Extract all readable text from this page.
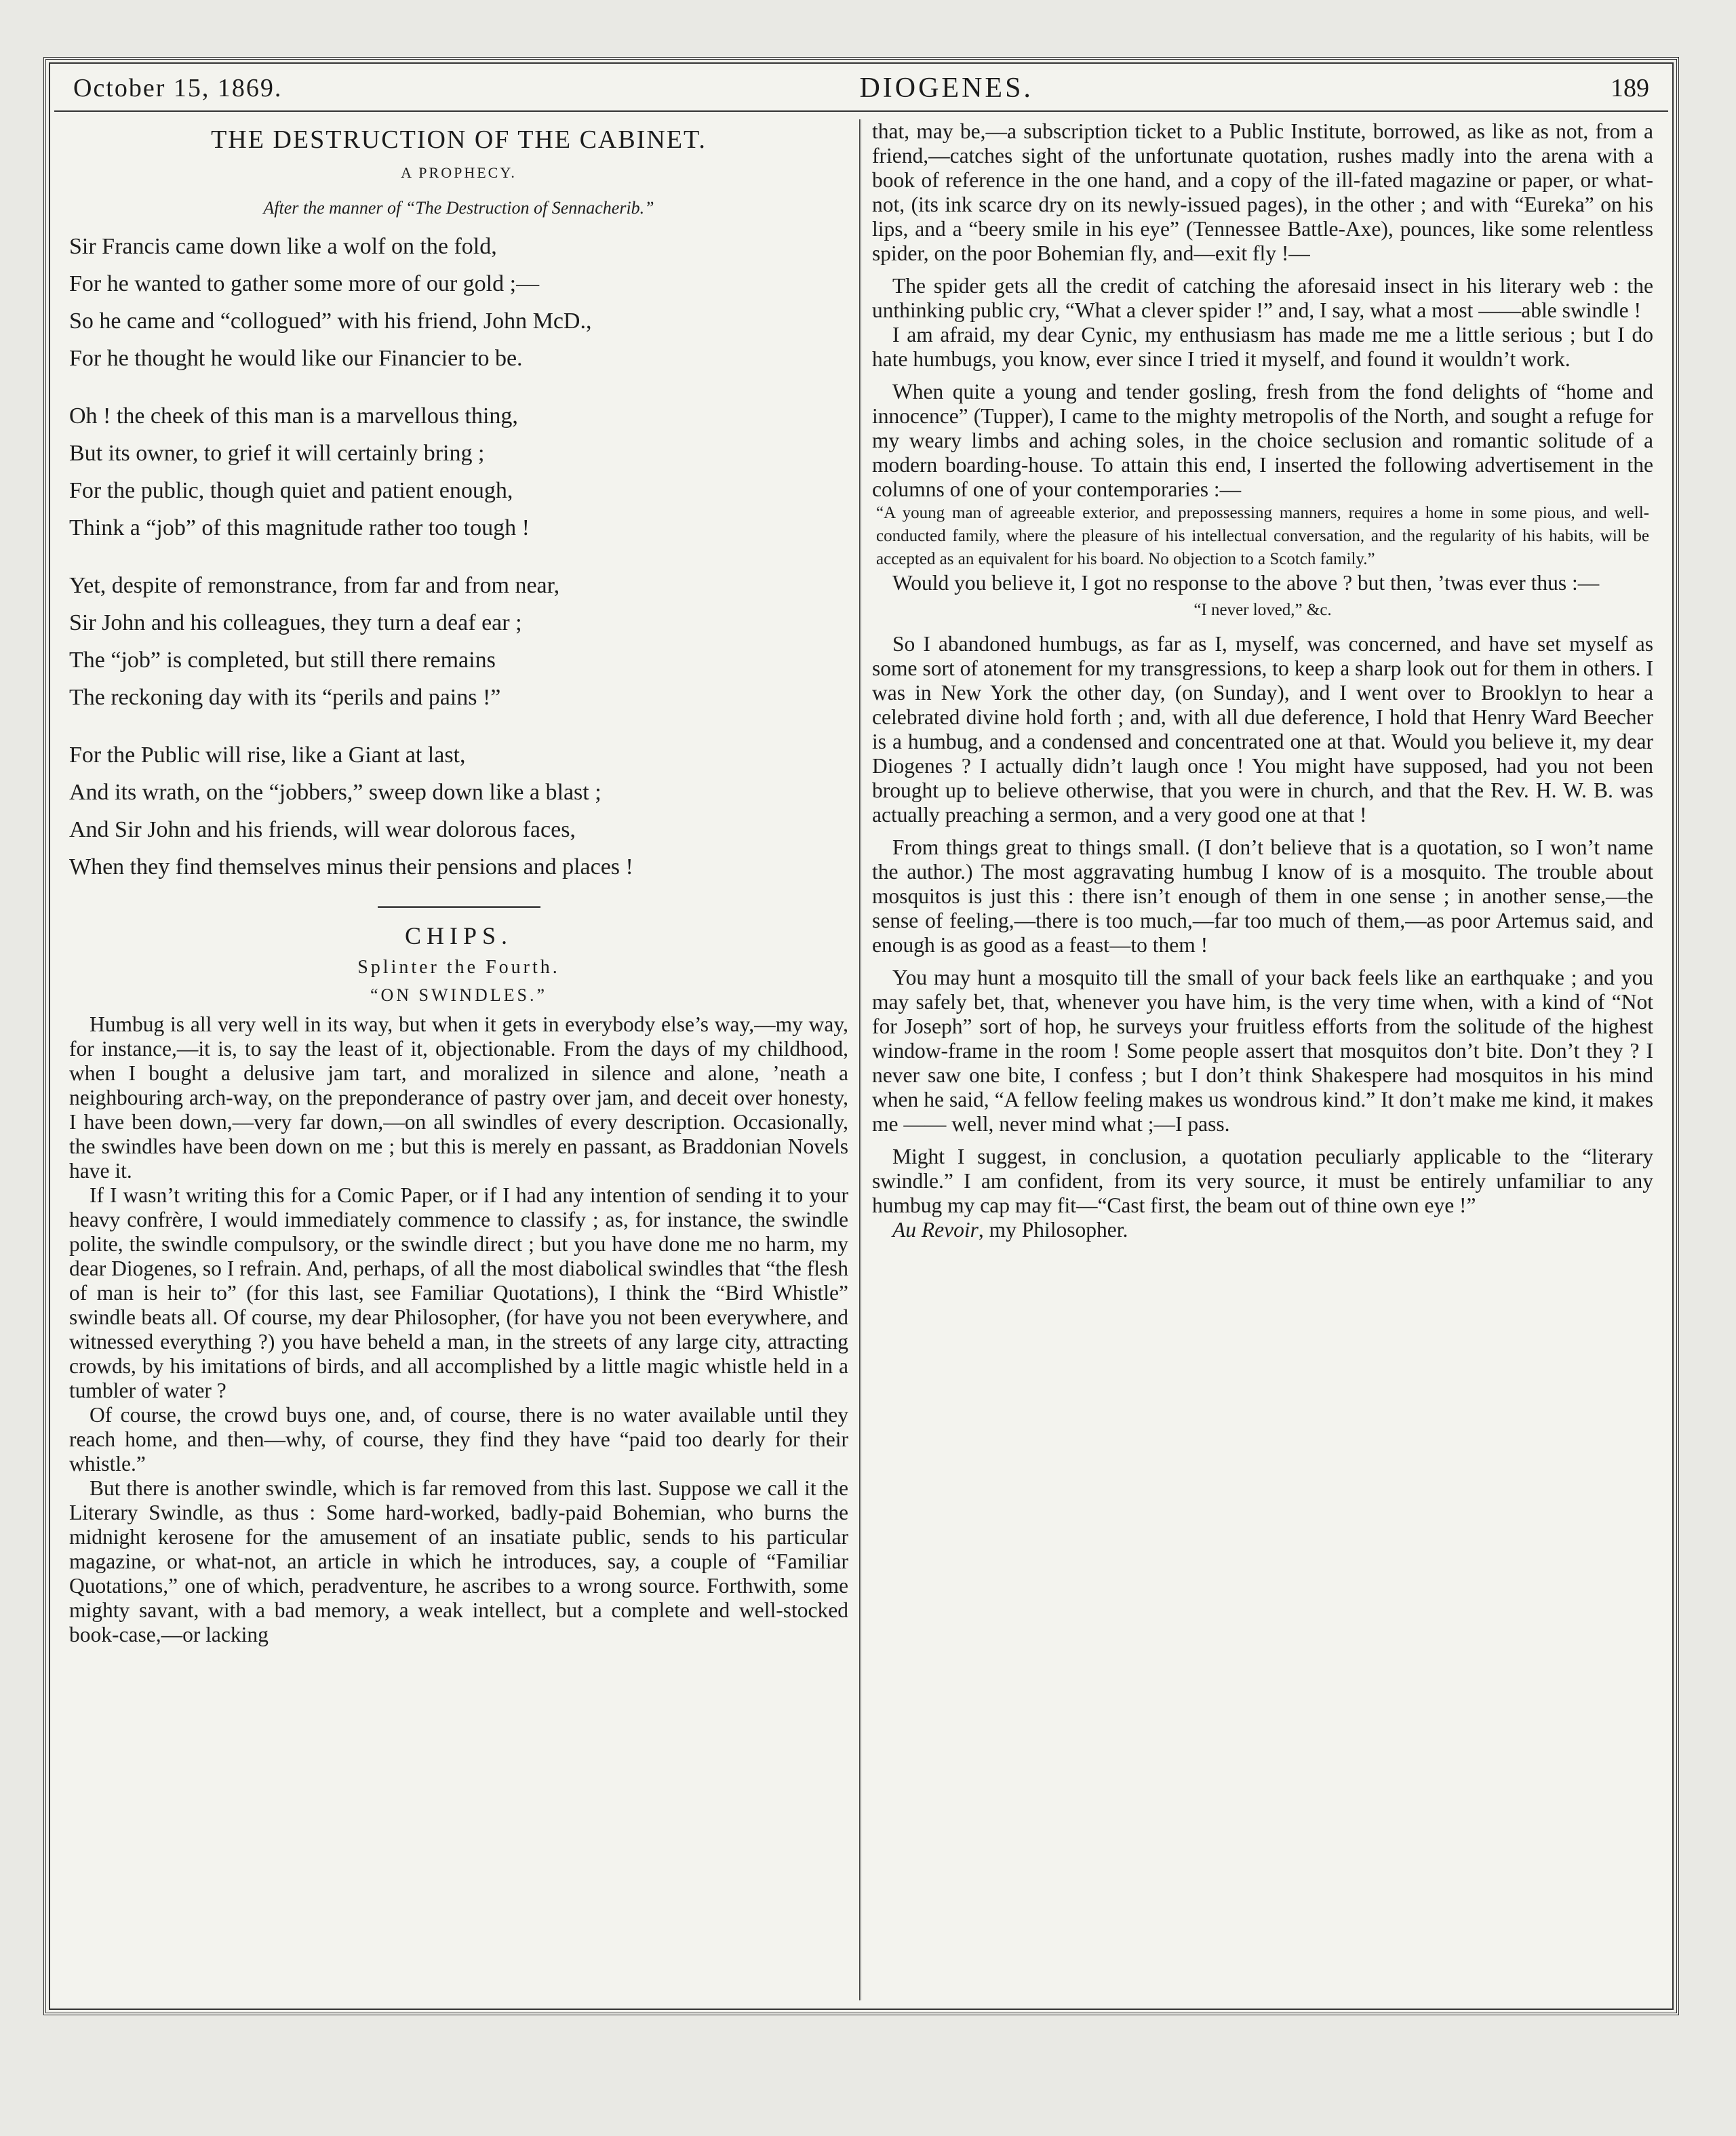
October 15, 1869.	DIOGENES.	189
THE DESTRUCTION OF THE CABINET.
A PROPHECY.
After the manner of “The Destruction of Sennacherib.”
Sir Francis came down like a wolf on the fold,
For he wanted to gather some more of our gold ;—
So he came and “collogued” with his friend, John McD.,
For he thought he would like our Financier to be.
Oh ! the cheek of this man is a marvellous thing,
But its owner, to grief it will certainly bring ;
For the public, though quiet and patient enough,
Think a “job” of this magnitude rather too tough !
Yet, despite of remonstrance, from far and from near,
Sir John and his colleagues, they turn a deaf ear ;
The “job” is completed, but still there remains
The reckoning day with its “perils and pains !”
For the Public will rise, like a Giant at last,
And its wrath, on the “jobbers,” sweep down like a blast ;
And Sir John and his friends, will wear dolorous faces,
When they find themselves minus their pensions and places !
CHIPS.
Splinter the Fourth.
“ON SWINDLES.”

Humbug is all very well in its way, but when it gets in everybody else’s way,—my way, for instance,—it is, to say the least of it, objectionable. From the days of my childhood, when I bought a delusive jam tart, and moralized in silence and alone, ’neath a neighbouring arch-way, on the preponderance of pastry over jam, and deceit over honesty, I have been down,—very far down,—on all swindles of every description. Occasionally, the swindles have been down on me ; but this is merely en passant, as Braddonian Novels have it.

If I wasn’t writing this for a Comic Paper, or if I had any intention of sending it to your heavy confrère, I would immediately commence to classify ; as, for instance, the swindle polite, the swindle compulsory, or the swindle direct ; but you have done me no harm, my dear Diogenes, so I refrain. And, perhaps, of all the most diabolical swindles that “the flesh of man is heir to” (for this last, see Familiar Quotations), I think the “Bird Whistle” swindle beats all. Of course, my dear Philosopher, (for have you not been everywhere, and witnessed everything ?) you have beheld a man, in the streets of any large city, attracting crowds, by his imitations of birds, and all accomplished by a little magic whistle held in a tumbler of water ?

Of course, the crowd buys one, and, of course, there is no water available until they reach home, and then—why, of course, they find they have “paid too dearly for their whistle.”

But there is another swindle, which is far removed from this last. Suppose we call it the Literary Swindle, as thus : Some hard-worked, badly-paid Bohemian, who burns the midnight kerosene for the amusement of an insatiate public, sends to his particular magazine, or what-not, an article in which he introduces, say, a couple of “Familiar Quotations,” one of which, peradventure, he ascribes to a wrong source. Forthwith, some mighty savant, with a bad memory, a weak intellect, but a complete and well-stocked book-case,—or lacking

that, may be,—a subscription ticket to a Public Institute, borrowed, as like as not, from a friend,—catches sight of the unfortunate quotation, rushes madly into the arena with a book of reference in the one hand, and a copy of the ill-fated magazine or paper, or what-not, (its ink scarce dry on its newly-issued pages), in the other ; and with “Eureka” on his lips, and a “beery smile in his eye” (Tennessee Battle-Axe), pounces, like some relentless spider, on the poor Bohemian fly, and—exit fly !—

The spider gets all the credit of catching the aforesaid insect in his literary web : the unthinking public cry, “What a clever spider !” and, I say, what a most ——able swindle !

I am afraid, my dear Cynic, my enthusiasm has made me me a little serious ; but I do hate humbugs, you know, ever since I tried it myself, and found it wouldn’t work.

When quite a young and tender gosling, fresh from the fond delights of “home and innocence” (Tupper), I came to the mighty metropolis of the North, and sought a refuge for my weary limbs and aching soles, in the choice seclusion and romantic solitude of a modern boarding-house. To attain this end, I inserted the following advertisement in the columns of one of your contemporaries :—

“A young man of agreeable exterior, and prepossessing manners, requires a home in some pious, and well-conducted family, where the pleasure of his intellectual conversation, and the regularity of his habits, will be accepted as an equivalent for his board. No objection to a Scotch family.”

Would you believe it, I got no response to the above ? but then, ’twas ever thus :—

“I never loved,” &c.

So I abandoned humbugs, as far as I, myself, was concerned, and have set myself as some sort of atonement for my transgressions, to keep a sharp look out for them in others. I was in New York the other day, (on Sunday), and I went over to Brooklyn to hear a celebrated divine hold forth ; and, with all due deference, I hold that Henry Ward Beecher is a humbug, and a condensed and concentrated one at that. Would you believe it, my dear Diogenes ? I actually didn’t laugh once ! You might have supposed, had you not been brought up to believe otherwise, that you were in church, and that the Rev. H. W. B. was actually preaching a sermon, and a very good one at that !

From things great to things small. (I don’t believe that is a quotation, so I won’t name the author.) The most aggravating humbug I know of is a mosquito. The trouble about mosquitos is just this : there isn’t enough of them in one sense ; in another sense,—the sense of feeling,—there is too much,—far too much of them,—as poor Artemus said, and enough is as good as a feast—to them !

You may hunt a mosquito till the small of your back feels like an earthquake ; and you may safely bet, that, whenever you have him, is the very time when, with a kind of “Not for Joseph” sort of hop, he surveys your fruitless efforts from the solitude of the highest window-frame in the room ! Some people assert that mosquitos don’t bite. Don’t they ? I never saw one bite, I confess ; but I don’t think Shakespere had mosquitos in his mind when he said, “A fellow feeling makes us wondrous kind.” It don’t make me kind, it makes me —— well, never mind what ;—I pass.

Might I suggest, in conclusion, a quotation peculiarly applicable to the “literary swindle.” I am confident, from its very source, it must be entirely unfamiliar to any humbug my cap may fit—“Cast first, the beam out of thine own eye !”

Au Revoir, my Philosopher.
